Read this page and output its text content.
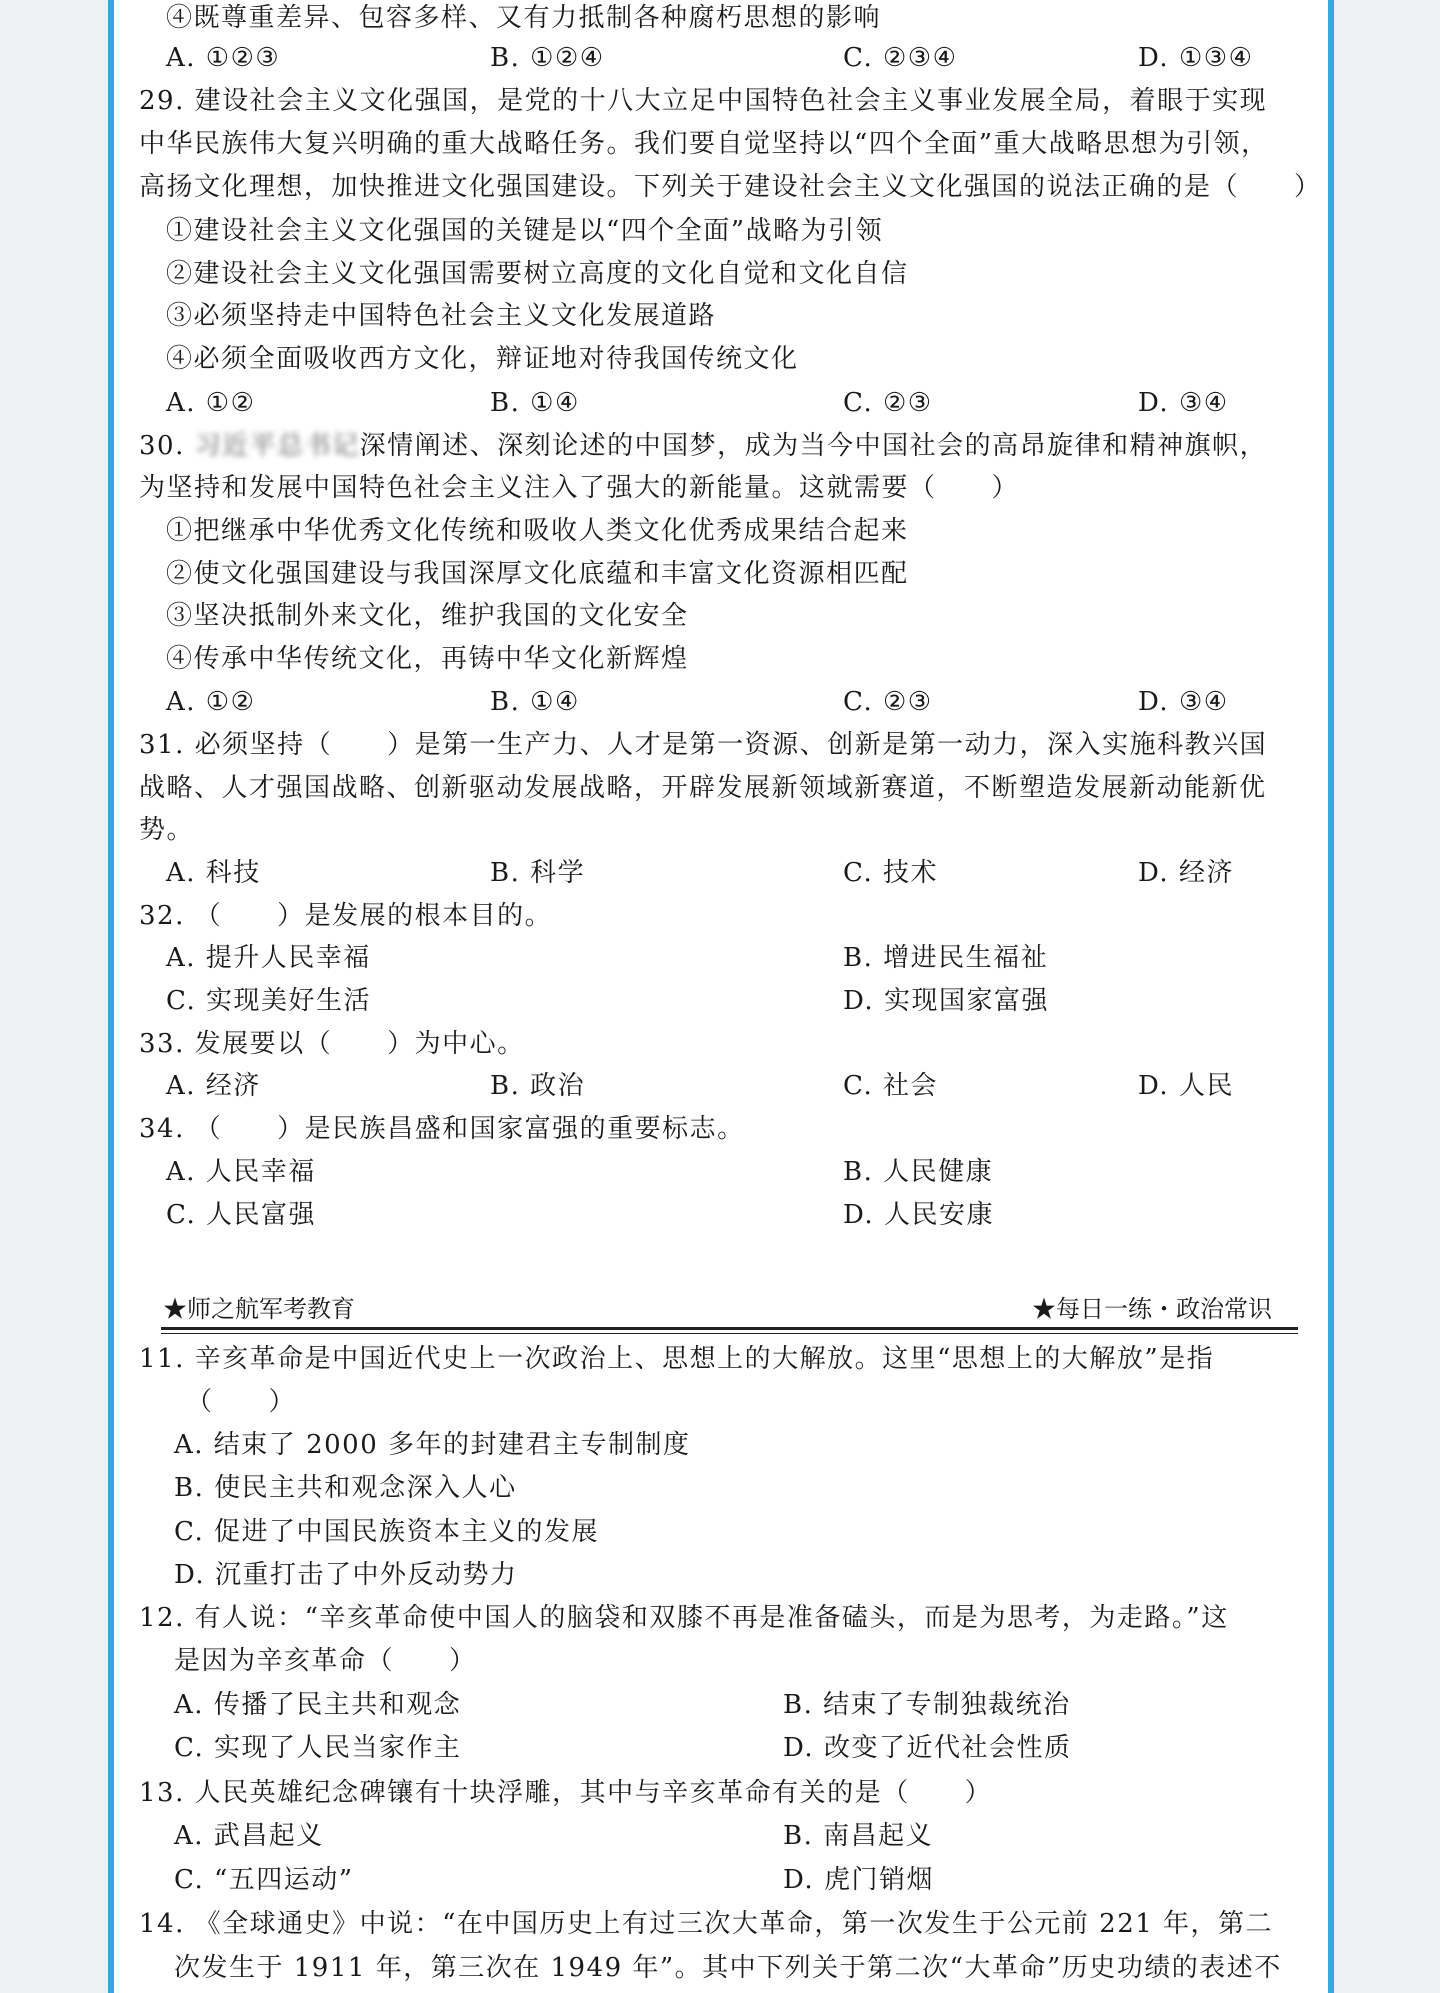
④既尊重差异、包容多样、又有力抵制各种腐朽思想的影响
A. ①②③	B. ①②④	C. ②③④	D. ①③④
29. 建设社会主义文化强国，是党的十八大立足中国特色社会主义事业发展全局，着眼于实现
中华民族伟大复兴明确的重大战略任务。我们要自觉坚持以“四个全面”重大战略思想为引领，
高扬文化理想，加快推进文化强国建设。下列关于建设社会主义文化强国的说法正确的是（　　）
①建设社会主义文化强国的关键是以“四个全面”战略为引领
②建设社会主义文化强国需要树立高度的文化自觉和文化自信
③必须坚持走中国特色社会主义文化发展道路
④必须全面吸收西方文化，辩证地对待我国传统文化
A. ①②	B. ①④	C. ②③	D. ③④
30. 习近平总书记深情阐述、深刻论述的中国梦，成为当今中国社会的高昂旋律和精神旗帜，
为坚持和发展中国特色社会主义注入了强大的新能量。这就需要（　　）
①把继承中华优秀文化传统和吸收人类文化优秀成果结合起来
②使文化强国建设与我国深厚文化底蕴和丰富文化资源相匹配
③坚决抵制外来文化，维护我国的文化安全
④传承中华传统文化，再铸中华文化新辉煌
A. ①②	B. ①④	C. ②③	D. ③④
31. 必须坚持（　　）是第一生产力、人才是第一资源、创新是第一动力，深入实施科教兴国
战略、人才强国战略、创新驱动发展战略，开辟发展新领域新赛道，不断塑造发展新动能新优
势。
A. 科技	B. 科学	C. 技术	D. 经济
32. （　　）是发展的根本目的。
A. 提升人民幸福	B. 增进民生福祉
C. 实现美好生活	D. 实现国家富强
33. 发展要以（　　）为中心。
A. 经济	B. 政治	C. 社会	D. 人民
34. （　　）是民族昌盛和国家富强的重要标志。
A. 人民幸福	B. 人民健康
C. 人民富强	D. 人民安康
★师之航军考教育	★每日一练・政治常识
11. 辛亥革命是中国近代史上一次政治上、思想上的大解放。这里“思想上的大解放”是指
（　　）
A. 结束了 2000 多年的封建君主专制制度
B. 使民主共和观念深入人心
C. 促进了中国民族资本主义的发展
D. 沉重打击了中外反动势力
12. 有人说：“辛亥革命使中国人的脑袋和双膝不再是准备磕头，而是为思考，为走路。”这
是因为辛亥革命（　　）
A. 传播了民主共和观念	B. 结束了专制独裁统治
C. 实现了人民当家作主	D. 改变了近代社会性质
13. 人民英雄纪念碑镶有十块浮雕，其中与辛亥革命有关的是（　　）
A. 武昌起义	B. 南昌起义
C. “五四运动”	D. 虎门销烟
14. 《全球通史》中说：“在中国历史上有过三次大革命，第一次发生于公元前 221 年，第二
次发生于 1911 年，第三次在 1949 年”。其中下列关于第二次“大革命”历史功绩的表述不
